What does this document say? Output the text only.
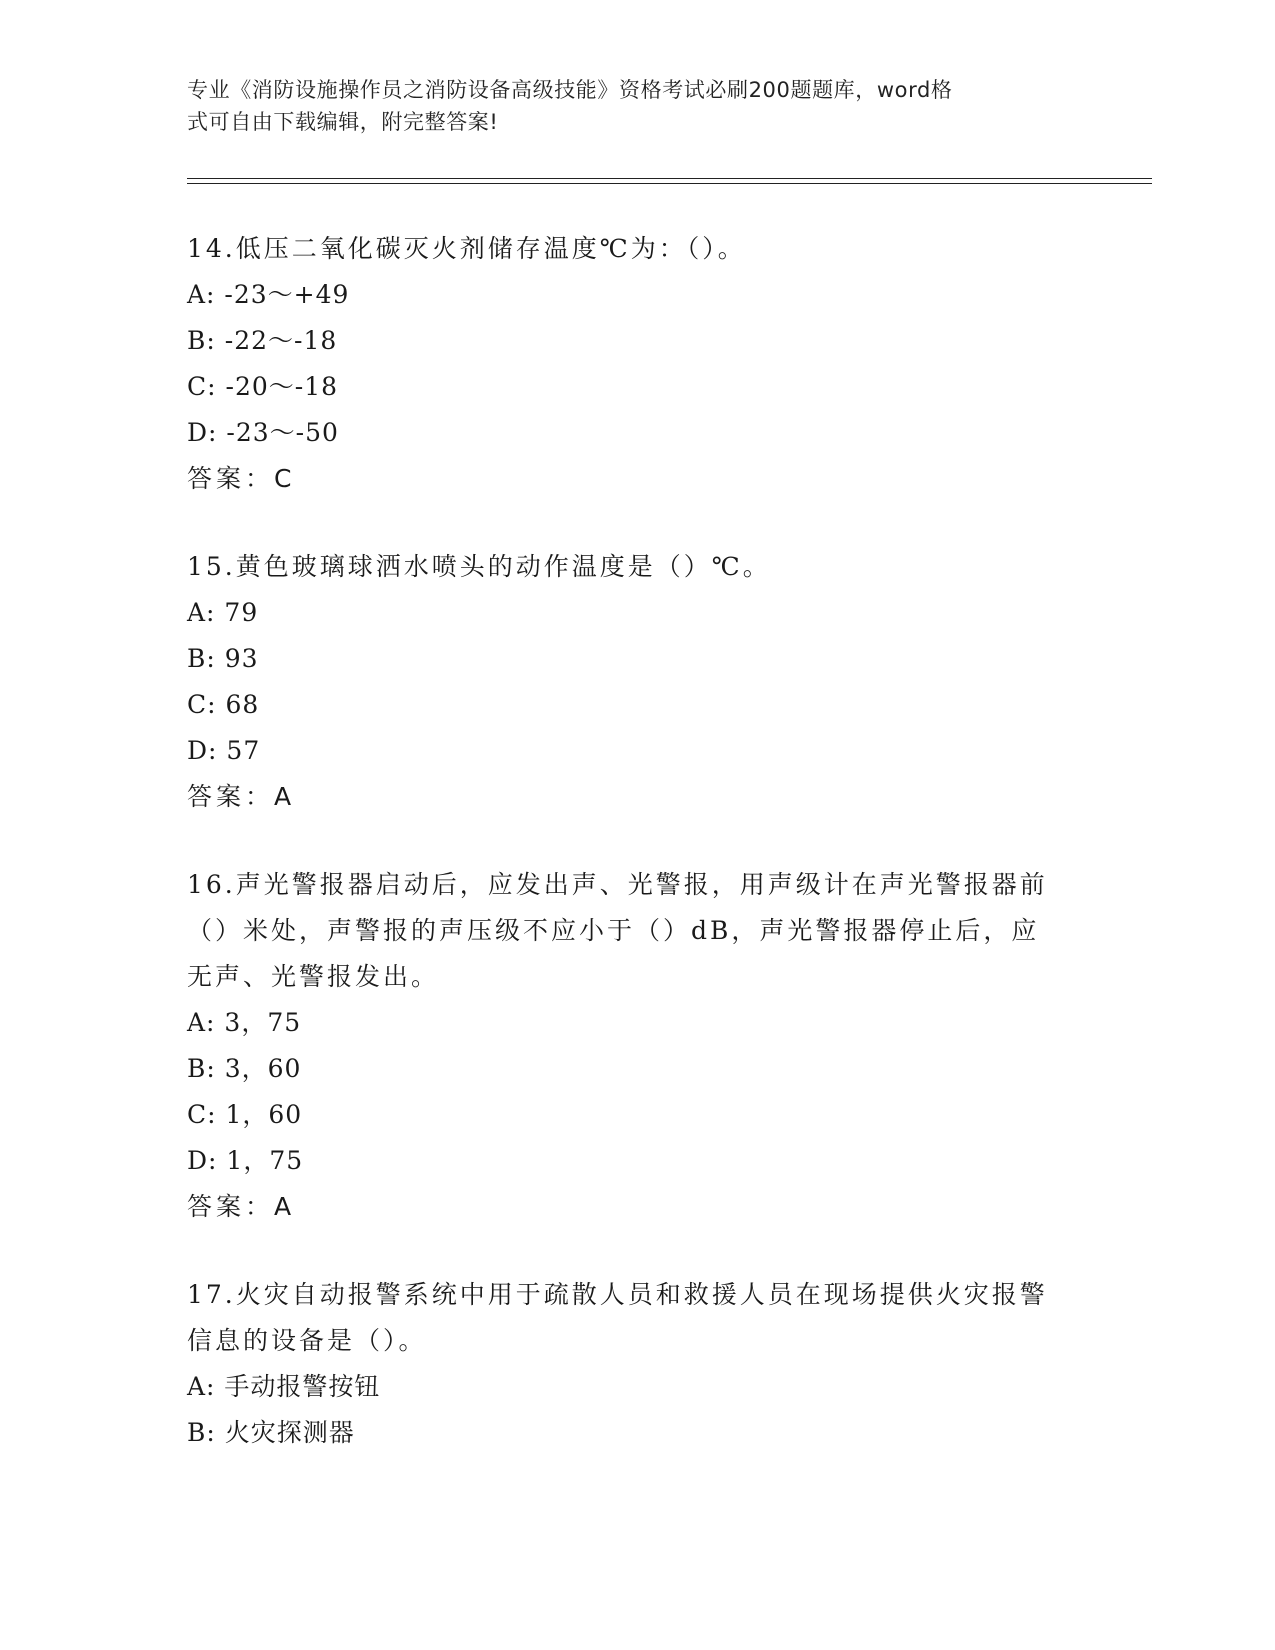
专业《消防设施操作员之消防设备高级技能》资格考试必刷200题题库，word格
式可自由下载编辑，附完整答案!
14.低压二氧化碳灭火剂储存温度℃为：（）。
A: -23～+49
B: -22～-18
C: -20～-18
D: -23～-50
答案：C
15.黄色玻璃球洒水喷头的动作温度是（）℃。
A: 79
B: 93
C: 68
D: 57
答案：A
16.声光警报器启动后，应发出声、光警报，用声级计在声光警报器前
（）米处，声警报的声压级不应小于（）dB，声光警报器停止后，应
无声、光警报发出。
A: 3，75
B: 3，60
C: 1，60
D: 1，75
答案：A
17.火灾自动报警系统中用于疏散人员和救援人员在现场提供火灾报警
信息的设备是（）。
A: 手动报警按钮
B: 火灾探测器
